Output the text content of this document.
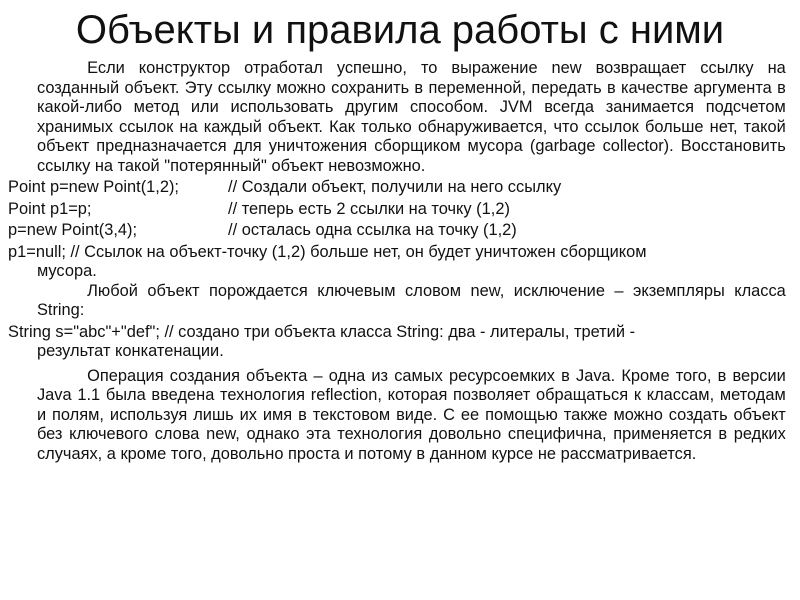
Объекты и правила работы с ними

Если конструктор отработал успешно, то выражение new возвращает ссылку на созданный объект. Эту ссылку можно сохранить в переменной, передать в качестве аргумента в какой-либо метод или использовать другим способом. JVM всегда занимается подсчетом хранимых ссылок на каждый объект. Как только обнаруживается, что ссылок больше нет, такой объект предназначается для уничтожения сборщиком мусора (garbage collector). Восстановить ссылку на такой "потерянный" объект невозможно.

Point p=new Point(1,2);	// Создали объект, получили на него ссылку
Point p1=p;	// теперь есть 2 ссылки на точку (1,2)
p=new Point(3,4);	// осталась одна ссылка на точку (1,2)
p1=null; // Ссылок на объект-точку (1,2) больше нет, он будет уничтожен сборщиком
мусора.

Любой объект порождается ключевым словом new, исключение – экземпляры класса String:

String s="abc"+"def"; // создано три объекта класса String: два - литералы, третий -
результат конкатенации.

Операция создания объекта – одна из самых ресурсоемких в Java. Кроме того, в версии Java 1.1 была введена технология reflection, которая позволяет обращаться к классам, методам и полям, используя лишь их имя в текстовом виде. С ее помощью также можно создать объект без ключевого слова new, однако эта технология довольно специфична, применяется в редких случаях, а кроме того, довольно проста и потому в данном курсе не рассматривается.
